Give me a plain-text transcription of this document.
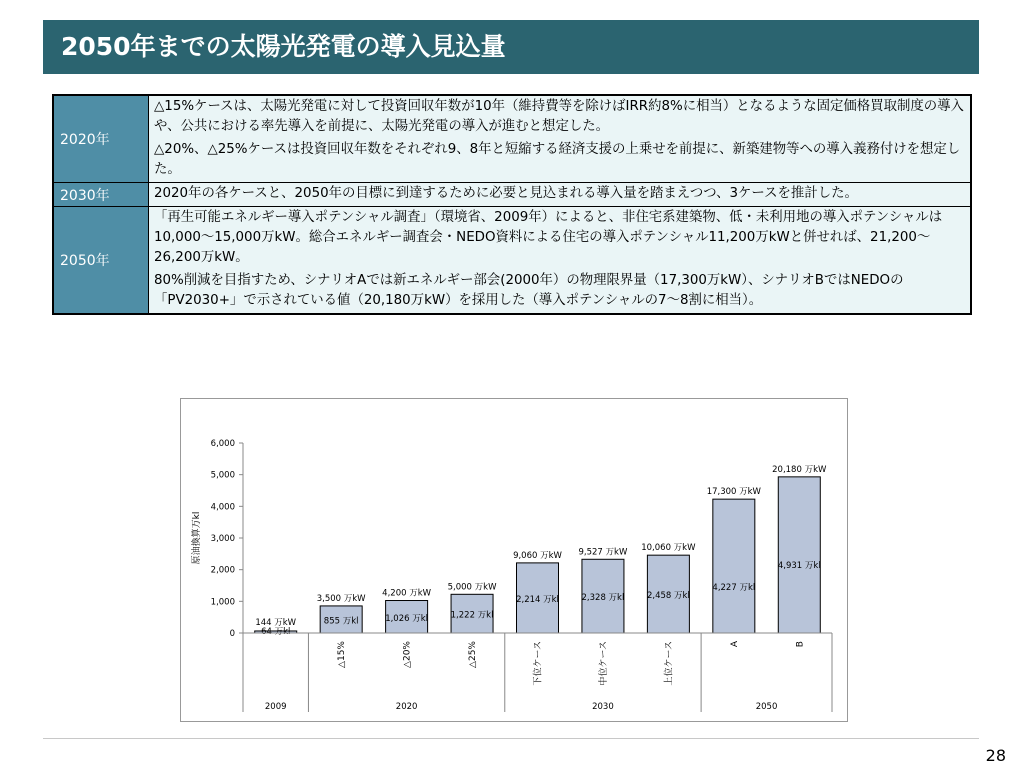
2050年までの太陽光発電の導入見込量
2020年	△15%ケースは、太陽光発電に対して投資回収年数が10年（維持費等を除けばIRR約8%に相当）となるような固定価格買取制度の導入や、公共における率先導入を前提に、太陽光発電の導入が進むと想定した。

△20%、△25%ケースは投資回収年数をそれぞれ9、8年と短縮する経済支援の上乗せを前提に、新築建物等への導入義務付けを想定した。

2030年	2020年の各ケースと、2050年の目標に到達するために必要と見込まれる導入量を踏まえつつ、3ケースを推計した。

2050年	「再生可能エネルギー導入ポテンシャル調査」（環境省、2009年）によると、非住宅系建築物、低・未利用地の導入ポテンシャルは10,000～15,000万kW。総合エネルギー調査会・NEDO資料による住宅の導入ポテンシャル11,200万kWと併せれば、21,200～26,200万kW。

80%削減を目指すため、シナリオAでは新エネルギー部会(2000年）の物理限界量（17,300万kW）、シナリオBではNEDOの「PV2030+」で示されている値（20,180万kW）を採用した（導入ポテンシャルの7～8割に相当）。

0
1,000
2,000
3,000
4,000
5,000
6,000
原油換算万kl
64 万kl
144 万kW	855 万kl
3,500 万kW
△15%
1,026 万kl
4,200 万kW
△20%
1,222 万kl
5,000 万kW
△25%
2,214 万kl
9,060 万kW
下位ケース
2,328 万kl
9,527 万kW
中位ケース
2,458 万kl
10,060 万kW
上位ケース
4,227 万kl
17,300 万kW
A
4,931 万kl
20,180 万kW
B
2009	2020	2030	2050
28
